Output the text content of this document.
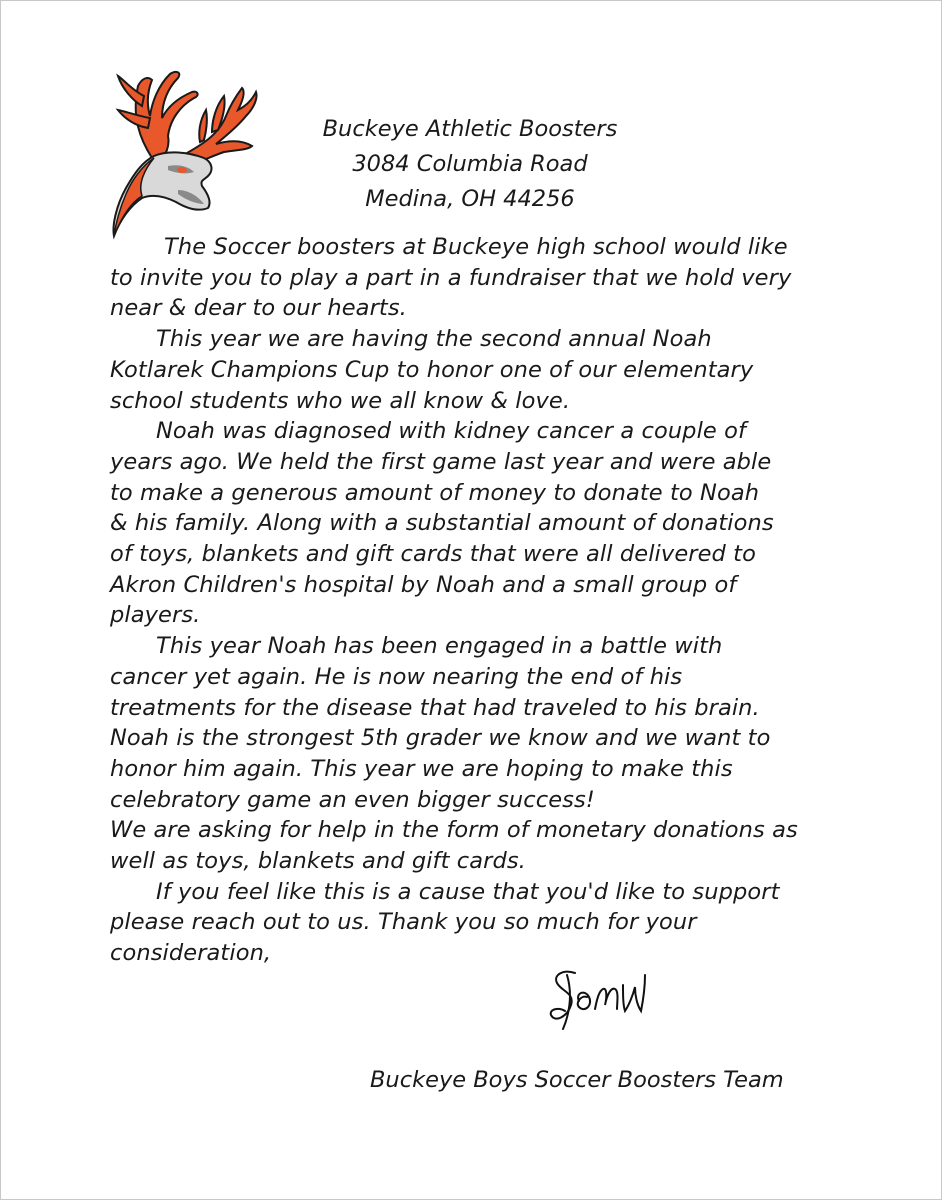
Buckeye Athletic Boosters
3084 Columbia Road
Medina, OH 44256

The Soccer boosters at Buckeye high school would like
to invite you to play a part in a fundraiser that we hold very
near & dear to our hearts.

This year we are having the second annual Noah
Kotlarek Champions Cup to honor one of our elementary
school students who we all know & love.

Noah was diagnosed with kidney cancer a couple of
years ago. We held the first game last year and were able
to make a generous amount of money to donate to Noah
& his family. Along with a substantial amount of donations
of toys, blankets and gift cards that were all delivered to
Akron Children's hospital by Noah and a small group of
players.

This year Noah has been engaged in a battle with
cancer yet again. He is now nearing the end of his
treatments for the disease that had traveled to his brain.
Noah is the strongest 5th grader we know and we want to
honor him again. This year we are hoping to make this
celebratory game an even bigger success!

We are asking for help in the form of monetary donations as
well as toys, blankets and gift cards.

If you feel like this is a cause that you'd like to support
please reach out to us. Thank you so much for your
consideration,

Buckeye Boys Soccer Boosters Team
